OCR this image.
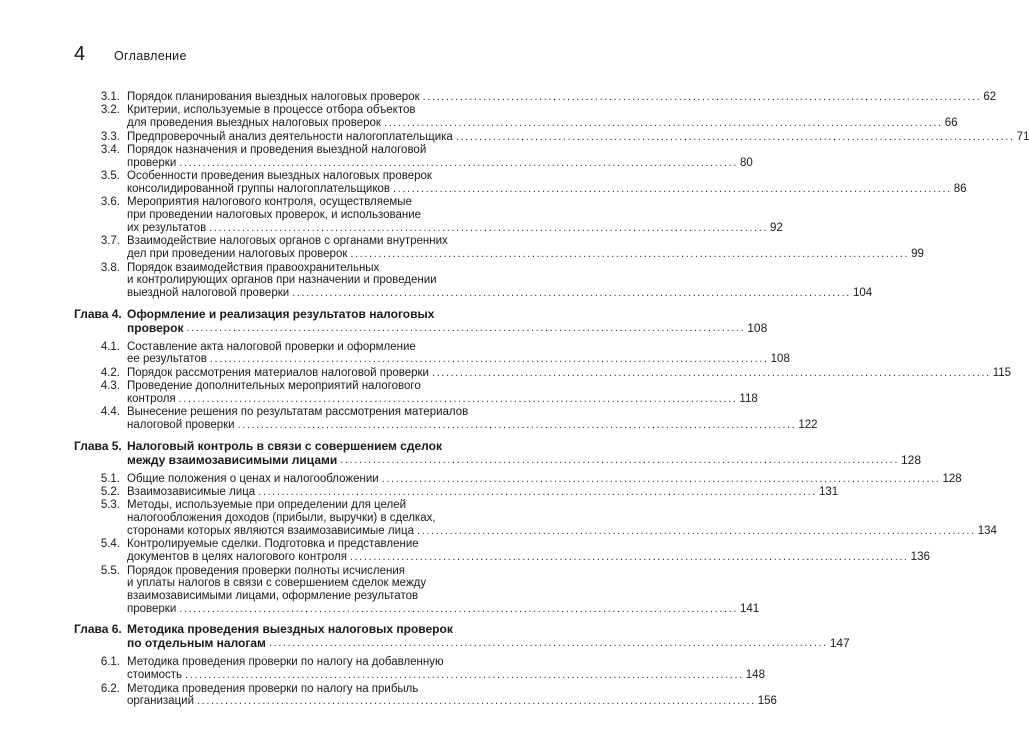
4 Оглавление
3.1. Порядок планирования выездных налоговых проверок ........................................................................................................................ 62
3.2. Критерии, используемые в процессе отбора объектов
для проведения выездных налоговых проверок ........................................................................................................................ 66
3.3. Предпроверочный анализ деятельности налогоплательщика ........................................................................................................................ 71
3.4. Порядок назначения и проведения выездной налоговой
проверки ........................................................................................................................ 80
3.5. Особенности проведения выездных налоговых проверок
консолидированной группы налогоплательщиков ........................................................................................................................ 86
3.6. Мероприятия налогового контроля, осуществляемые
при проведении налоговых проверок, и использование
их результатов ........................................................................................................................ 92
3.7. Взаимодействие налоговых органов с органами внутренних
дел при проведении налоговых проверок ........................................................................................................................ 99
3.8. Порядок взаимодействия правоохранительных
и контролирующих органов при назначении и проведении
выездной налоговой проверки ........................................................................................................................ 104
Глава 4. Оформление и реализация результатов налоговых
проверок ........................................................................................................................ 108
4.1. Составление акта налоговой проверки и оформление
ее результатов ........................................................................................................................ 108
4.2. Порядок рассмотрения материалов налоговой проверки ........................................................................................................................ 115
4.3. Проведение дополнительных мероприятий налогового
контроля ........................................................................................................................ 118
4.4. Вынесение решения по результатам рассмотрения материалов
налоговой проверки ........................................................................................................................ 122
Глава 5. Налоговый контроль в связи с совершением сделок
между взаимозависимыми лицами ........................................................................................................................ 128
5.1. Общие положения о ценах и налогообложении ........................................................................................................................ 128
5.2. Взаимозависимые лица ........................................................................................................................ 131
5.3. Методы, используемые при определении для целей
налогообложения доходов (прибыли, выручки) в сделках,
сторонами которых являются взаимозависимые лица ........................................................................................................................ 134
5.4. Контролируемые сделки. Подготовка и представление
документов в целях налогового контроля ........................................................................................................................ 136
5.5. Порядок проведения проверки полноты исчисления
и уплаты налогов в связи с совершением сделок между
взаимозависимыми лицами, оформление результатов
проверки ........................................................................................................................ 141
Глава 6. Методика проведения выездных налоговых проверок
по отдельным налогам ........................................................................................................................ 147
6.1. Методика проведения проверки по налогу на добавленную
стоимость ........................................................................................................................ 148
6.2. Методика проведения проверки по налогу на прибыль
организаций ........................................................................................................................ 156
